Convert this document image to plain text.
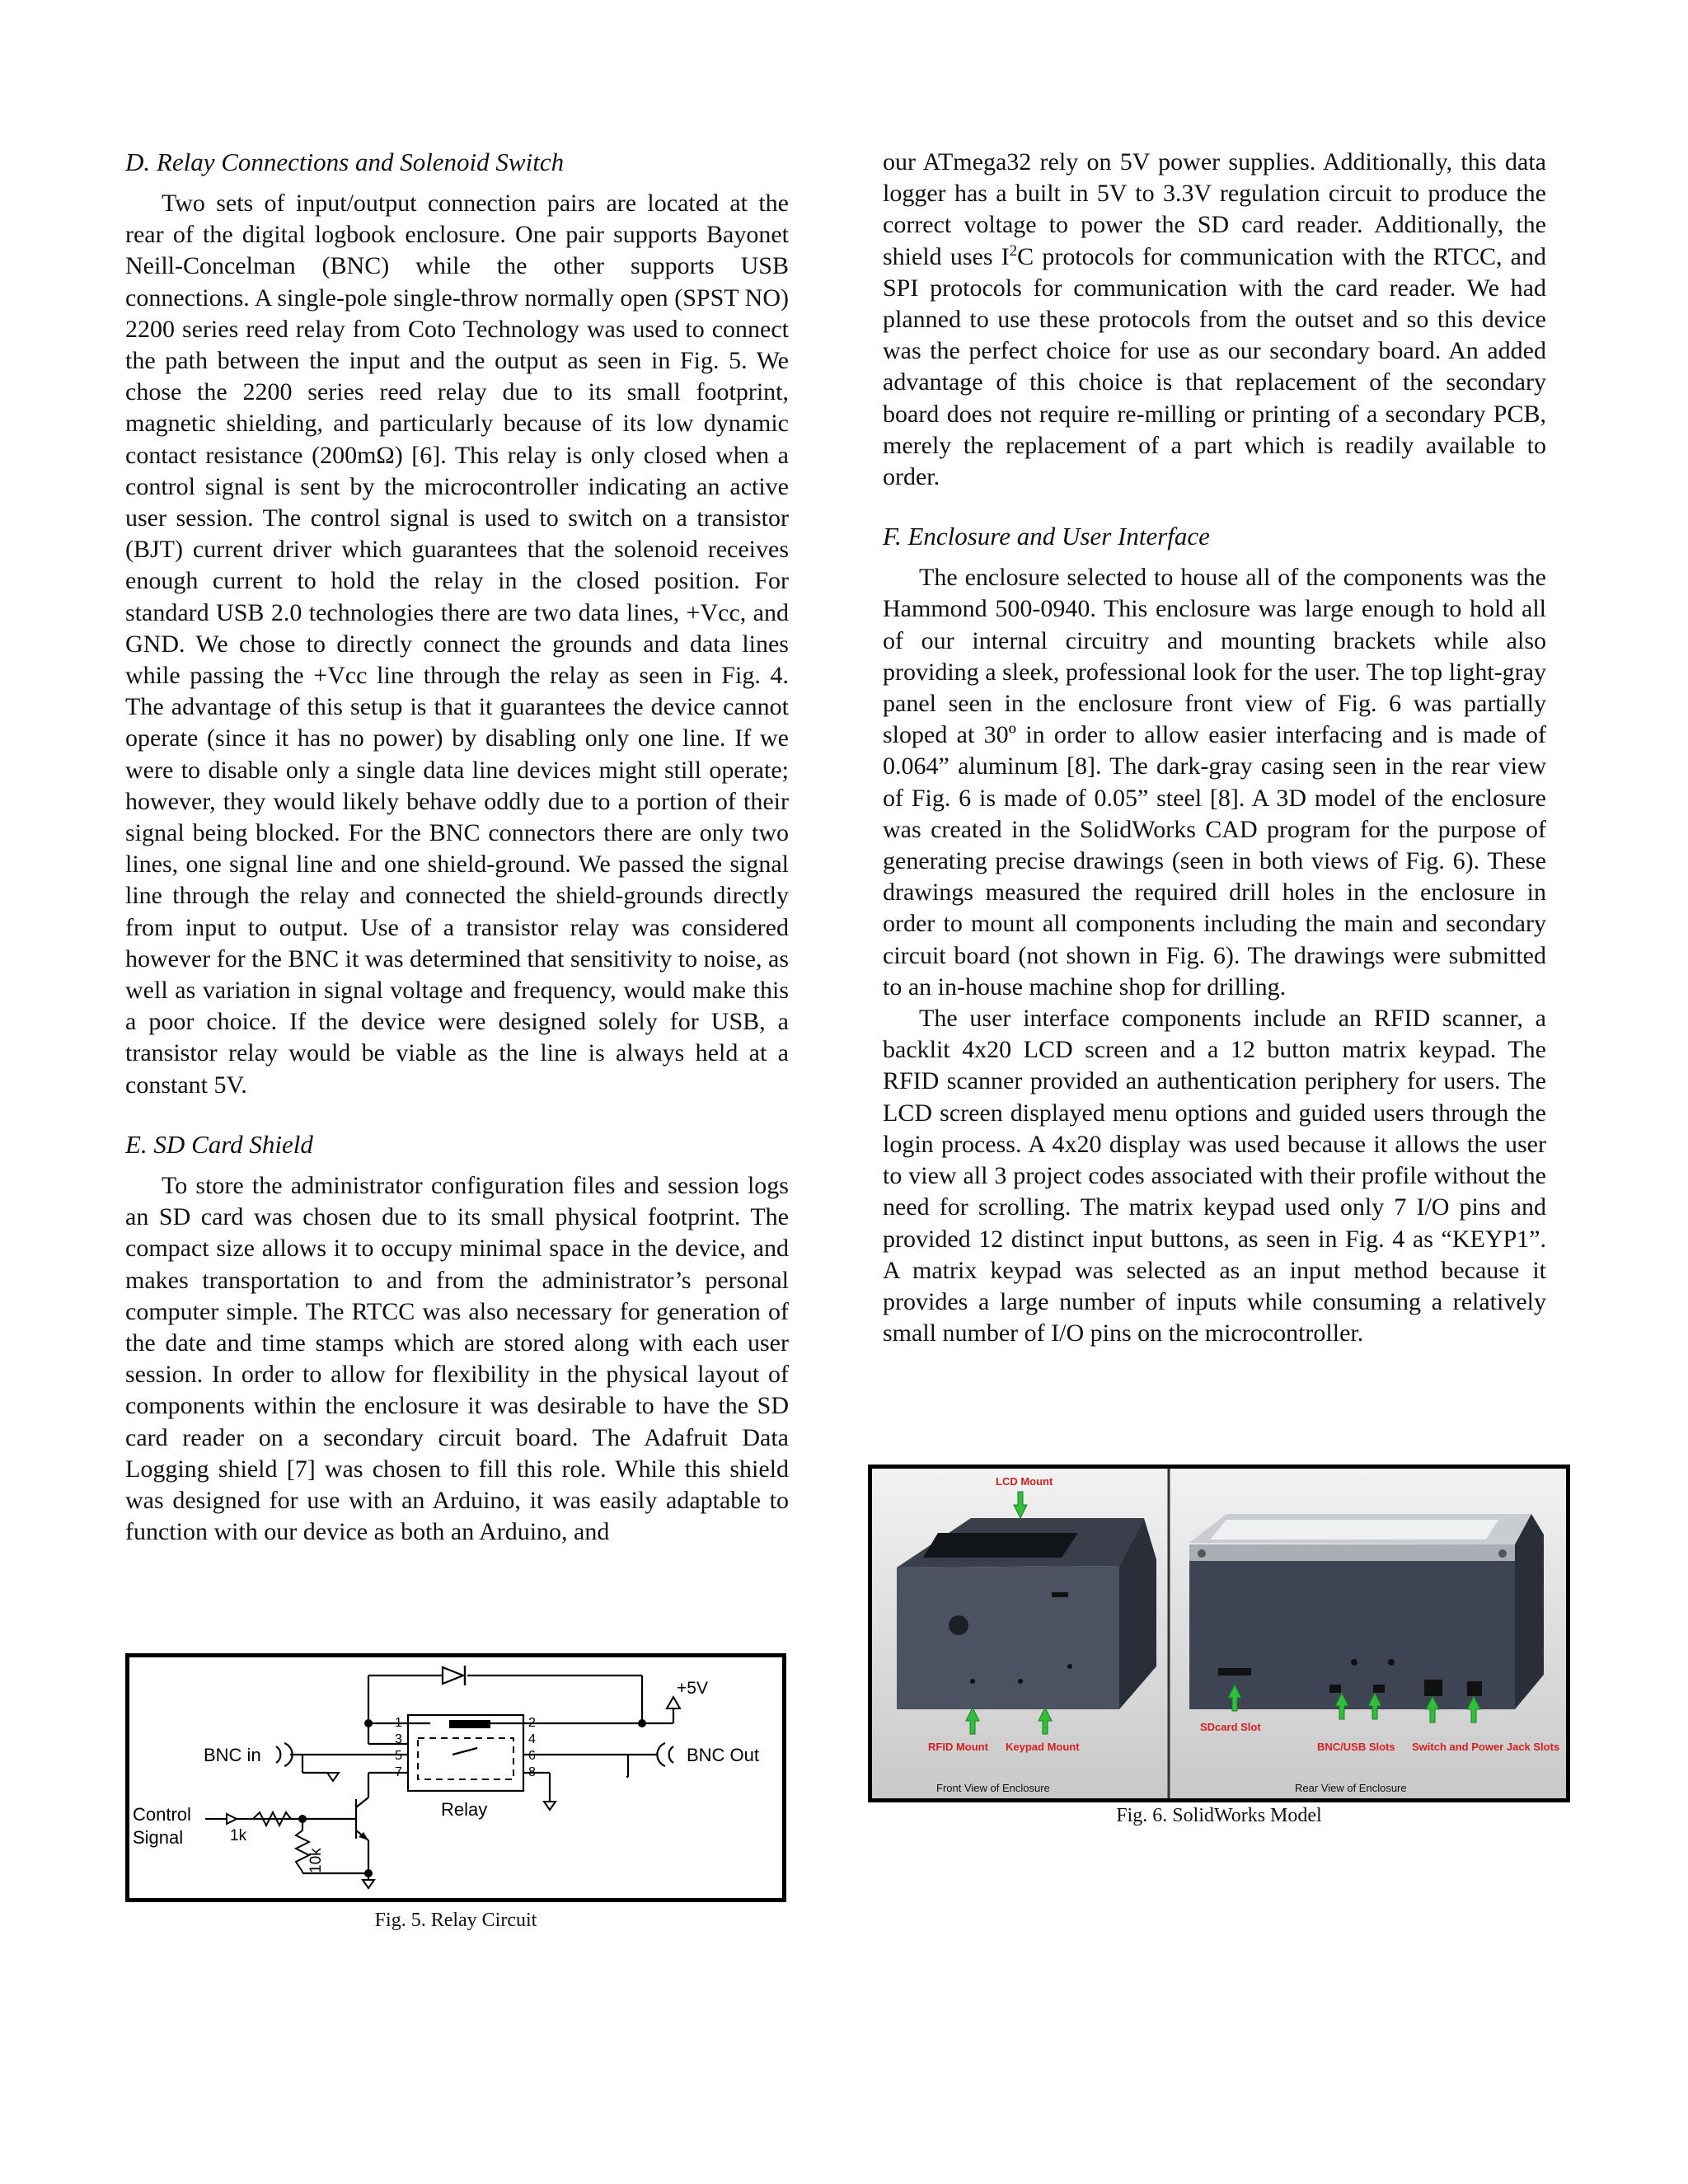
D. Relay Connections and Solenoid Switch

Two sets of input/output connection pairs are located at the rear of the digital logbook enclosure. One pair supports Bayonet Neill-Concelman (BNC) while the other supports USB connections. A single-pole single-throw normally open (SPST NO) 2200 series reed relay from Coto Technology was used to connect the path between the input and the output as seen in Fig. 5. We chose the 2200 series reed relay due to its small footprint, magnetic shielding, and particularly because of its low dynamic contact resistance (200mΩ) [6]. This relay is only closed when a control signal is sent by the microcontroller indicating an active user session. The control signal is used to switch on a transistor (BJT) current driver which guarantees that the solenoid receives enough current to hold the relay in the closed position. For standard USB 2.0 technologies there are two data lines, +Vcc, and GND. We chose to directly connect the grounds and data lines while passing the +Vcc line through the relay as seen in Fig. 4. The advantage of this setup is that it guarantees the device cannot operate (since it has no power) by disabling only one line. If we were to disable only a single data line devices might still operate; however, they would likely behave oddly due to a portion of their signal being blocked. For the BNC connectors there are only two lines, one signal line and one shield-ground. We passed the signal line through the relay and connected the shield-grounds directly from input to output. Use of a transistor relay was considered however for the BNC it was determined that sensitivity to noise, as well as variation in signal voltage and frequency, would make this a poor choice. If the device were designed solely for USB, a transistor relay would be viable as the line is always held at a constant 5V.

E. SD Card Shield

To store the administrator configuration files and session logs an SD card was chosen due to its small physical footprint. The compact size allows it to occupy minimal space in the device, and makes transportation to and from the administrator’s personal computer simple. The RTCC was also necessary for generation of the date and time stamps which are stored along with each user session. In order to allow for flexibility in the physical layout of components within the enclosure it was desirable to have the SD card reader on a secondary circuit board. The Adafruit Data Logging shield [7] was chosen to fill this role. While this shield was designed for use with an Arduino, it was easily adaptable to function with our device as both an Arduino, and

our ATmega32 rely on 5V power supplies. Additionally, this data logger has a built in 5V to 3.3V regulation circuit to produce the correct voltage to power the SD card reader. Additionally, the shield uses $I^2C$ protocols for communication with the RTCC, and SPI protocols for communication with the card reader. We had planned to use these protocols from the outset and so this device was the perfect choice for use as our secondary board. An added advantage of this choice is that replacement of the secondary board does not require re-milling or printing of a secondary PCB, merely the replacement of a part which is readily available to order.

F. Enclosure and User Interface

The enclosure selected to house all of the components was the Hammond 500-0940. This enclosure was large enough to hold all of our internal circuitry and mounting brackets while also providing a sleek, professional look for the user. The top light-gray panel seen in the enclosure front view of Fig. 6 was partially sloped at 30º in order to allow easier interfacing and is made of 0.064” aluminum [8]. The dark-gray casing seen in the rear view of Fig. 6 is made of 0.05” steel [8]. A 3D model of the enclosure was created in the SolidWorks CAD program for the purpose of generating precise drawings (seen in both views of Fig. 6). These drawings measured the required drill holes in the enclosure in order to mount all components including the main and secondary circuit board (not shown in Fig. 6). The drawings were submitted to an in-house machine shop for drilling.

The user interface components include an RFID scanner, a backlit 4x20 LCD screen and a 12 button matrix keypad. The RFID scanner provided an authentication periphery for users. The LCD screen displayed menu options and guided users through the login process. A 4x20 display was used because it allows the user to view all 3 project codes associated with their profile without the need for scrolling. The matrix keypad used only 7 I/O pins and provided 12 distinct input buttons, as seen in Fig. 4 as “KEYP1”. A matrix keypad was selected as an input method because it provides a large number of inputs while consuming a relatively small number of I/O pins on the microcontroller.

BNC in	BNC Out
+5V
Control
Signal	1k
10k
Relay
1
3
5
7
2
4
6
8
Fig. 5. Relay Circuit
LCD Mount
RFID Mount Keypad Mount
SDcard Slot
BNC/USB Slots Switch and Power Jack Slots
Front View of Enclosure	Rear View of Enclosure
Fig. 6. SolidWorks Model
